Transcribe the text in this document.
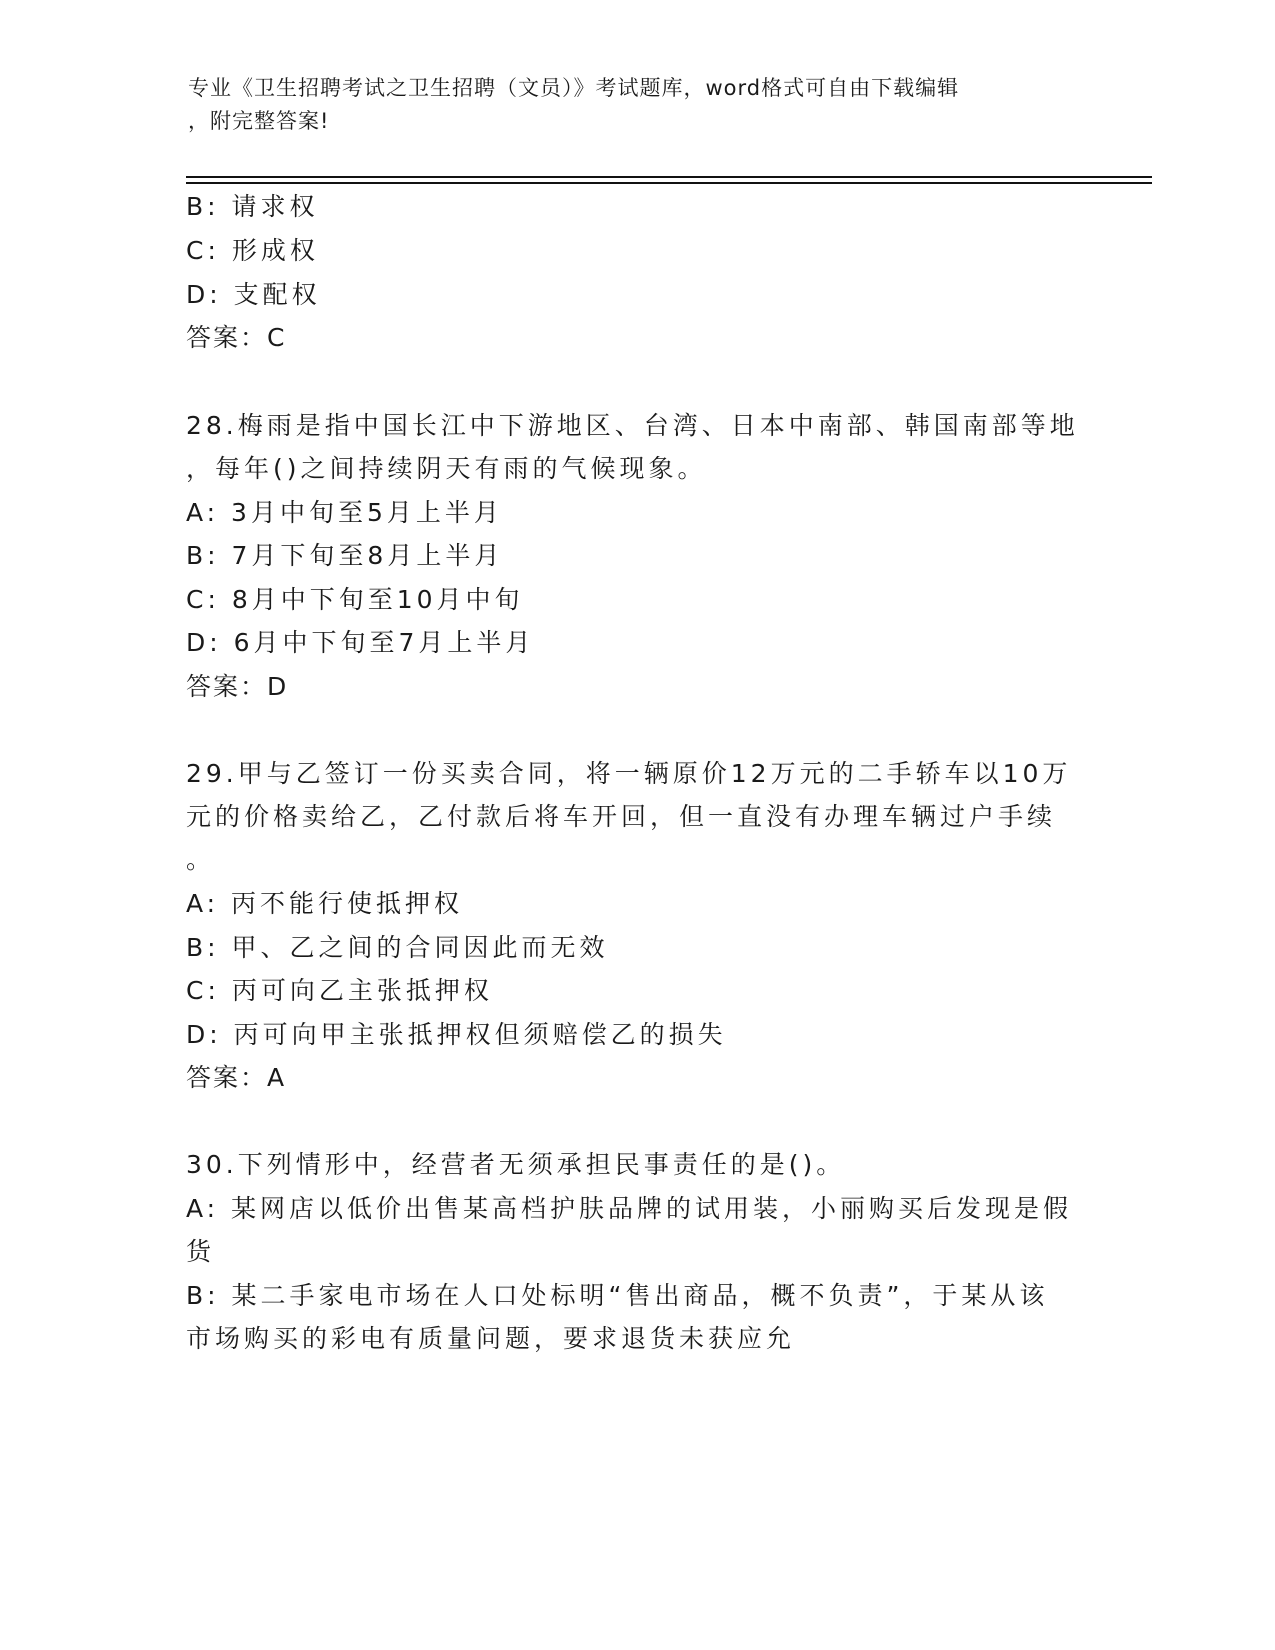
专业《卫生招聘考试之卫生招聘（文员）》考试题库，word格式可自由下载编辑
，附完整答案!
B: 请求权
C: 形成权
D: 支配权
答案：C
28.梅雨是指中国长江中下游地区、台湾、日本中南部、韩国南部等地
，每年()之间持续阴天有雨的气候现象。
A: 3月中旬至5月上半月
B: 7月下旬至8月上半月
C: 8月中下旬至10月中旬
D: 6月中下旬至7月上半月
答案：D
29.甲与乙签订一份买卖合同，将一辆原价12万元的二手轿车以10万
元的价格卖给乙，乙付款后将车开回，但一直没有办理车辆过户手续
。
A: 丙不能行使抵押权
B: 甲、乙之间的合同因此而无效
C: 丙可向乙主张抵押权
D: 丙可向甲主张抵押权但须赔偿乙的损失
答案：A
30.下列情形中，经营者无须承担民事责任的是()。
A: 某网店以低价出售某高档护肤品牌的试用装，小丽购买后发现是假
货
B: 某二手家电市场在人口处标明“售出商品，概不负责”，于某从该
市场购买的彩电有质量问题，要求退货未获应允
